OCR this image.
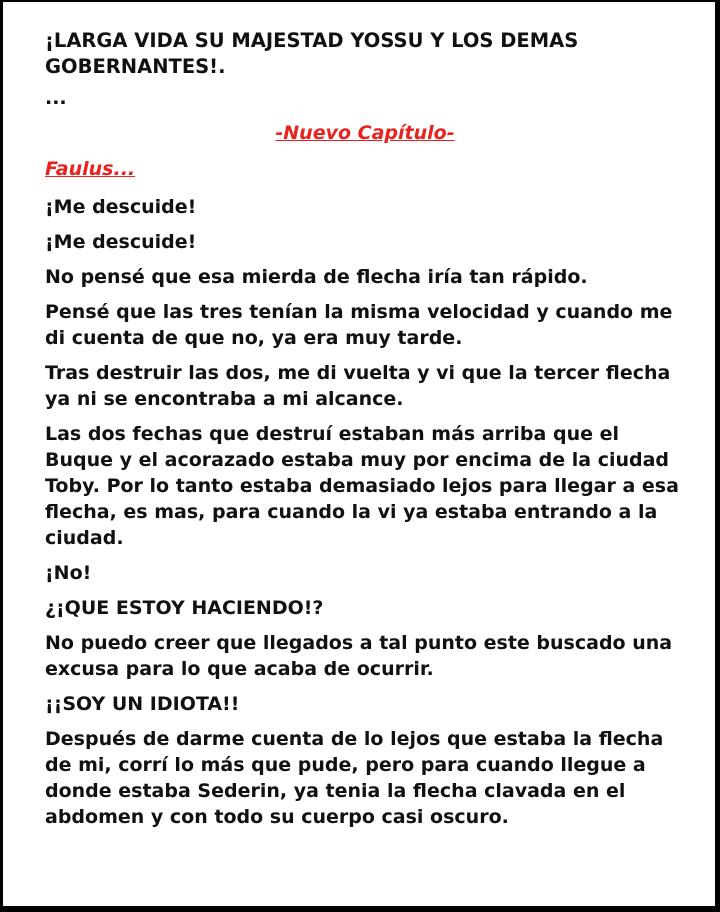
¡LARGA VIDA SU MAJESTAD YOSSU Y LOS DEMAS GOBERNANTES!.

...

-Nuevo Capítulo-

Faulus...

¡Me descuide!

¡Me descuide!

No pensé que esa mierda de flecha iría tan rápido.

Pensé que las tres tenían la misma velocidad y cuando me di cuenta de que no, ya era muy tarde.

Tras destruir las dos, me di vuelta y vi que la tercer flecha ya ni se encontraba a mi alcance.

Las dos fechas que destruí estaban más arriba que el Buque y el acorazado estaba muy por encima de la ciudad Toby. Por lo tanto estaba demasiado lejos para llegar a esa flecha, es mas, para cuando la vi ya estaba entrando a la ciudad.

¡No!

¿¡QUE ESTOY HACIENDO!?

No puedo creer que llegados a tal punto este buscado una excusa para lo que acaba de ocurrir.

¡¡SOY UN IDIOTA!!

Después de darme cuenta de lo lejos que estaba la flecha de mi, corrí lo más que pude, pero para cuando llegue a donde estaba Sederin, ya tenia la flecha clavada en el abdomen y con todo su cuerpo casi oscuro.
